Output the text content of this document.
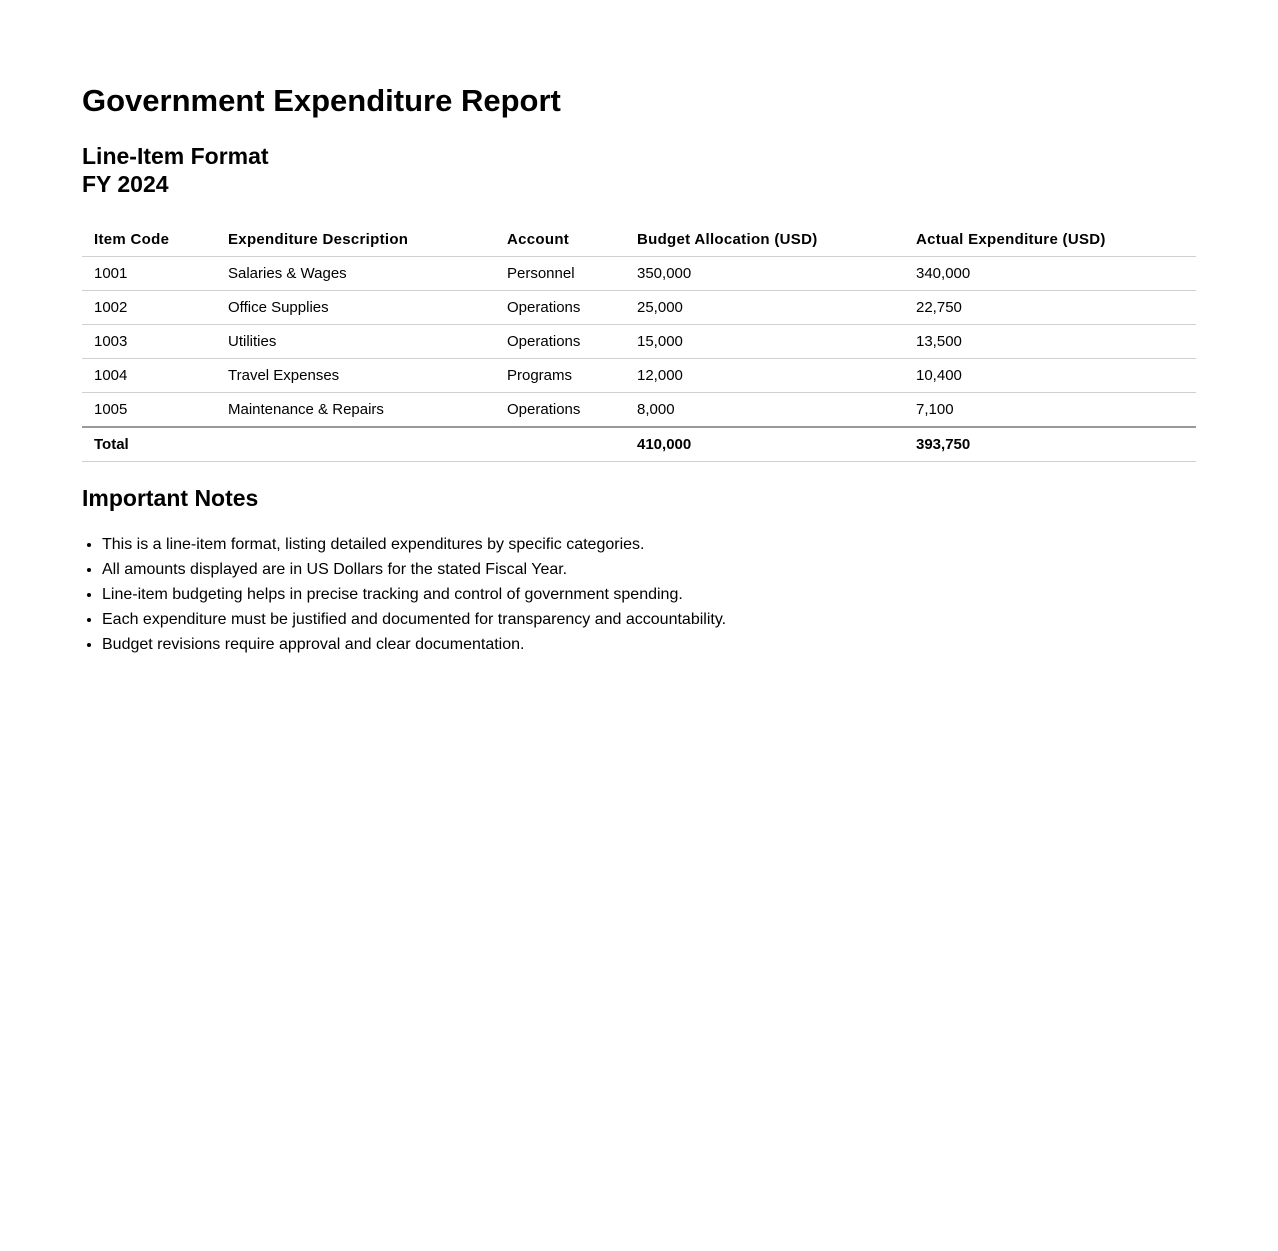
Government Expenditure Report
Line-Item Format
FY 2024
Item Code	Expenditure Description	Account	Budget Allocation (USD)	Actual Expenditure (USD)
1001	Salaries & Wages	Personnel	350,000	340,000
1002	Office Supplies	Operations	25,000	22,750
1003	Utilities	Operations	15,000	13,500
1004	Travel Expenses	Programs	12,000	10,400
1005	Maintenance & Repairs	Operations	8,000	7,100
Total			410,000	393,750
Important Notes
• This is a line-item format, listing detailed expenditures by specific categories.
• All amounts displayed are in US Dollars for the stated Fiscal Year.
• Line-item budgeting helps in precise tracking and control of government spending.
• Each expenditure must be justified and documented for transparency and accountability.
• Budget revisions require approval and clear documentation.
